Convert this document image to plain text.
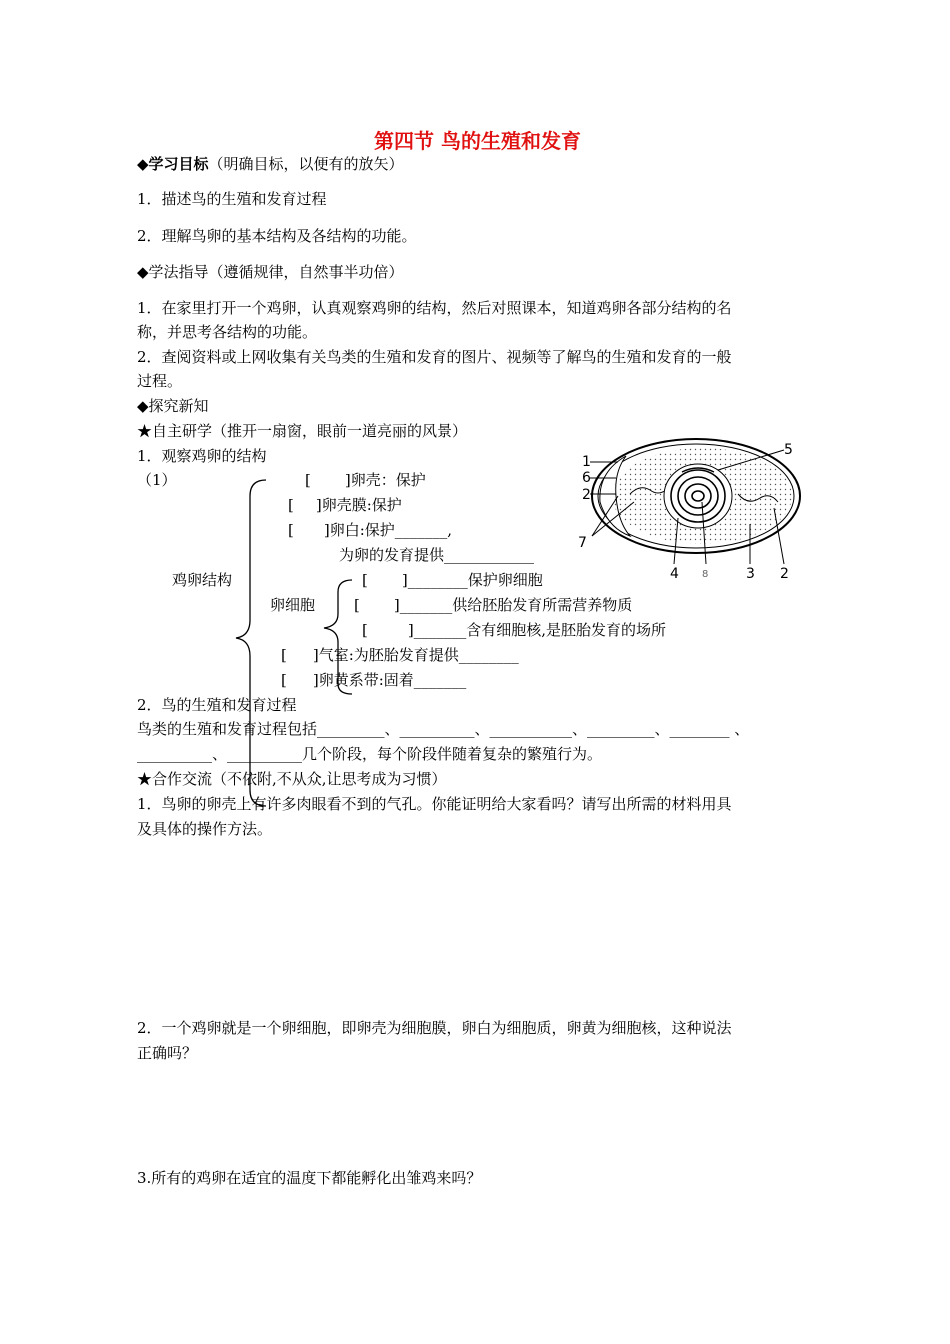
第四节 鸟的生殖和发育
◆学习目标（明确目标，以便有的放矢）
1．描述鸟的生殖和发育过程
2．理解鸟卵的基本结构及各结构的功能。
◆学法指导（遵循规律，自然事半功倍）
1．在家里打开一个鸡卵，认真观察鸡卵的结构，然后对照课本，知道鸡卵各部分结构的名
称，并思考各结构的功能。
2．查阅资料或上网收集有关鸟类的生殖和发育的图片、视频等了解鸟的生殖和发育的一般
过程。
◆探究新知
★自主研学（推开一扇窗，眼前一道亮丽的风景）
1．观察鸡卵的结构
（1）
鸡卵结构
卵细胞
[ ]卵壳：保护
[ ]卵壳膜:保护
[ ]卵白:保护_______,
为卵的发育提供____________
[ ]________保护卵细胞
[ ]_______供给胚胎发育所需营养物质
[	]_______含有细胞核,是胚胎发育的场所
[ ]气室:为胚胎发育提供________
[ ]卵黄系带:固着_______
1
6
2
7
5
4 8	3 2
2．鸟的生殖和发育过程
鸟类的生殖和发育过程包括_________、__________、___________、_________、________ 、
__________、__________几个阶段，每个阶段伴随着复杂的繁殖行为。
★合作交流（不依附,不从众,让思考成为习惯）
1．鸟卵的卵壳上有许多肉眼看不到的气孔。你能证明给大家看吗？请写出所需的材料用具
及具体的操作方法。
2．一个鸡卵就是一个卵细胞，即卵壳为细胞膜，卵白为细胞质，卵黄为细胞核，这种说法
正确吗？
3.所有的鸡卵在适宜的温度下都能孵化出雏鸡来吗？
